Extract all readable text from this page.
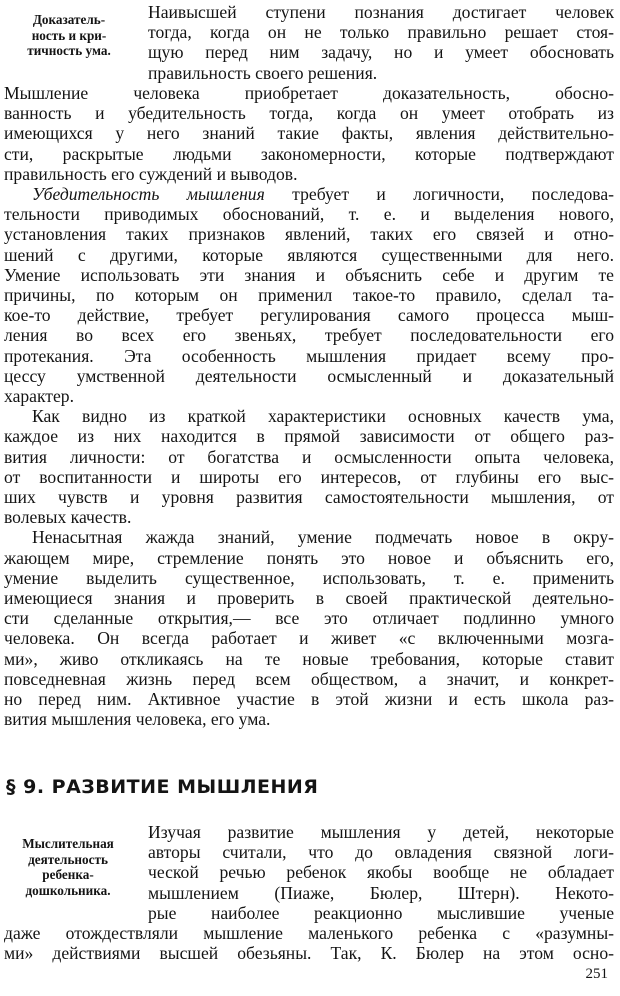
Доказатель-
ность и кри-
тичность ума.
Наивысшей ступени познания достигает человек
тогда, когда он не только правильно решает стоя-
щую перед ним задачу, но и умеет обосновать
правильность своего решения.
Мышление человека приобретает доказательность, обосно-
ванность и убедительность тогда, когда он умеет отобрать из
имеющихся у него знаний такие факты, явления действительно-
сти, раскрытые людьми закономерности, которые подтверждают
правильность его суждений и выводов.
Убедительность мышления требует и логичности, последова-
тельности приводимых обоснований, т. е. и выделения нового,
установления таких признаков явлений, таких его связей и отно-
шений с другими, которые являются существенными для него.
Умение использовать эти знания и объяснить себе и другим те
причины, по которым он применил такое-то правило, сделал та-
кое-то действие, требует регулирования самого процесса мыш-
ления во всех его звеньях, требует последовательности его
протекания. Эта особенность мышления придает всему про-
цессу умственной деятельности осмысленный и доказательный
характер.
Как видно из краткой характеристики основных качеств ума,
каждое из них находится в прямой зависимости от общего раз-
вития личности: от богатства и осмысленности опыта человека,
от воспитанности и широты его интересов, от глубины его выс-
ших чувств и уровня развития самостоятельности мышления, от
волевых качеств.
Ненасытная жажда знаний, умение подмечать новое в окру-
жающем мире, стремление понять это новое и объяснить его,
умение выделить существенное, использовать, т. е. применить
имеющиеся знания и проверить в своей практической деятельно-
сти сделанные открытия,— все это отличает подлинно умного
человека. Он всегда работает и живет «с включенными мозга-
ми», живо откликаясь на те новые требования, которые ставит
повседневная жизнь перед всем обществом, а значит, и конкрет-
но перед ним. Активное участие в этой жизни и есть школа раз-
вития мышления человека, его ума.
§ 9. РАЗВИТИЕ МЫШЛЕНИЯ
Мыслительная
деятельность
ребенка-
дошкольника.
Изучая развитие мышления у детей, некоторые
авторы считали, что до овладения связной логи-
ческой речью ребенок якобы вообще не обладает
мышлением (Пиаже, Бюлер, Штерн). Некото-
рые наиболее реакционно мыслившие ученые
даже отождествляли мышление маленького ребенка с «разумны-
ми» действиями высшей обезьяны. Так, К. Бюлер на этом осно-
251
